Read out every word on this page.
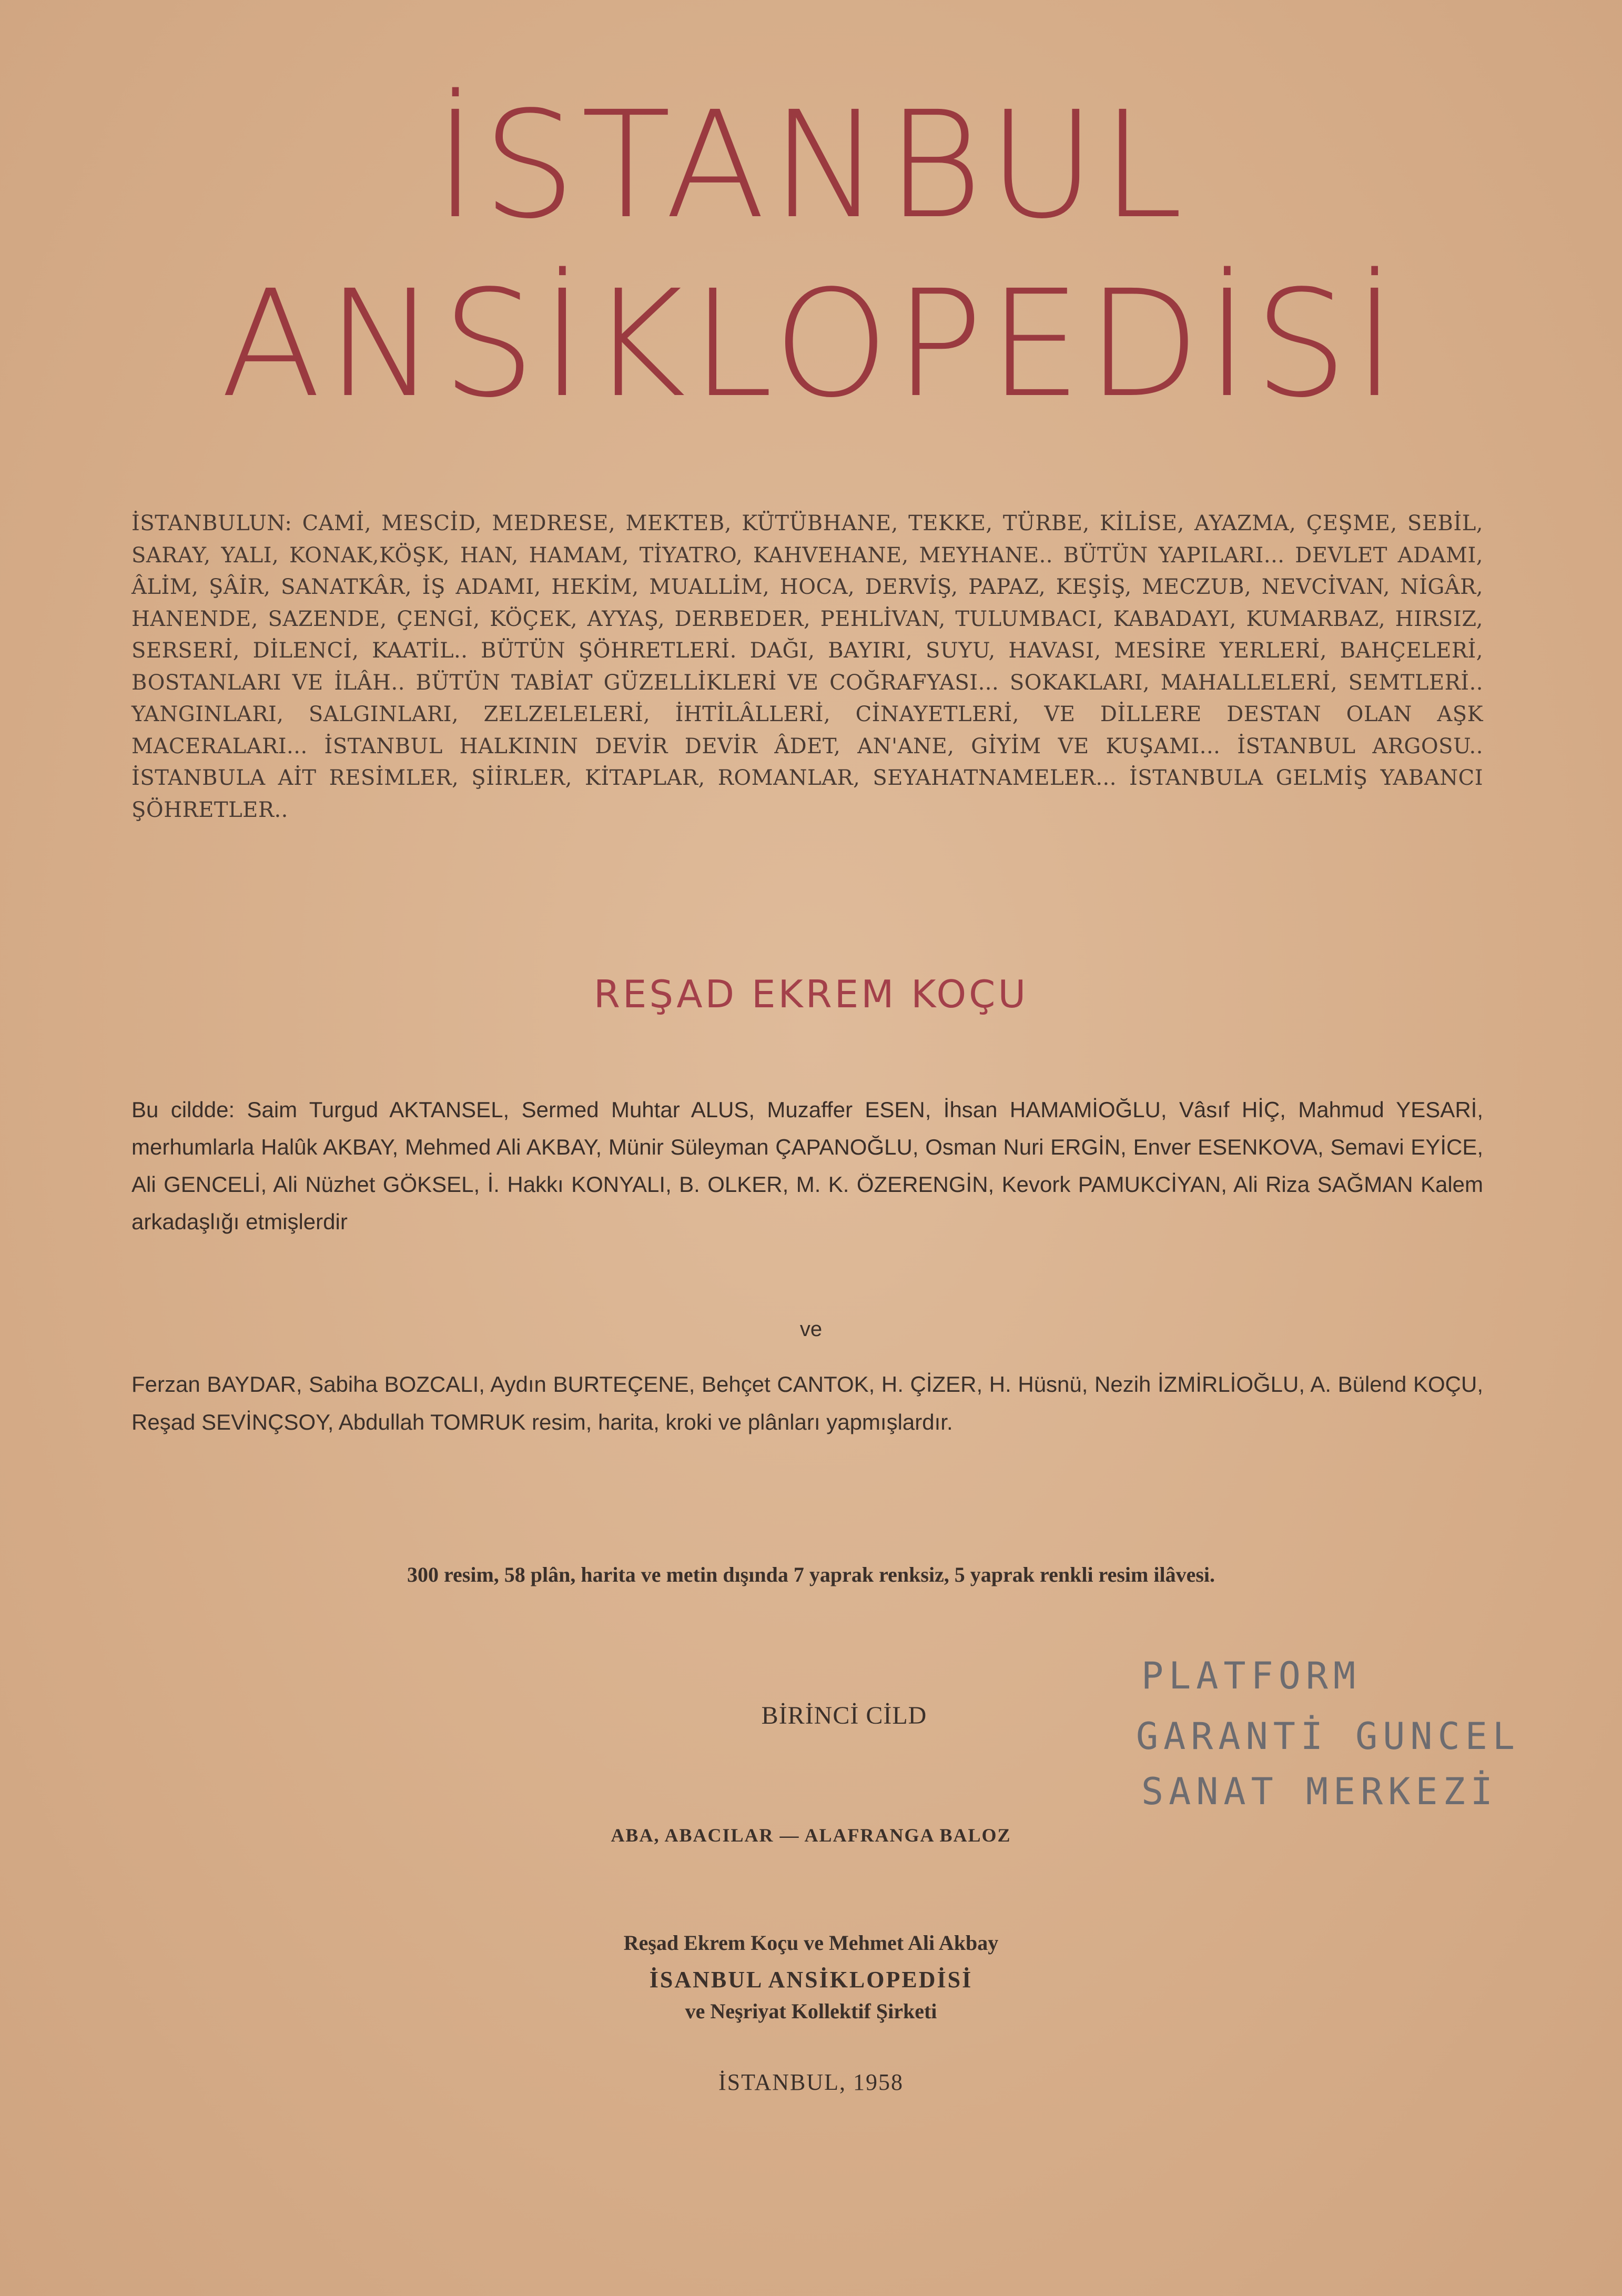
İSTANBUL
ANSİKLOPEDİSİ
İSTANBULUN: CAMİ, MESCİD, MEDRESE, MEKTEB, KÜTÜBHANE, TEKKE, TÜRBE, KİLİSE, AYAZMA, ÇEŞME, SEBİL, SARAY, YALI, KONAK,KÖŞK, HAN, HAMAM, TİYATRO, KAHVEHANE, MEYHANE.. BÜTÜN YAPILARI... DEVLET ADAMI, ÂLİM, ŞÂİR, SANATKÂR, İŞ ADAMI, HEKİM, MUALLİM, HOCA, DERVİŞ, PAPAZ, KEŞİŞ, MECZUB, NEVCİVAN, NİGÂR, HANENDE, SAZENDE, ÇENGİ, KÖÇEK, AYYAŞ, DERBEDER, PEHLİVAN, TULUMBACI, KABADAYI, KUMARBAZ, HIRSIZ, SERSERİ, DİLENCİ, KAATİL.. BÜTÜN ŞÖHRETLERİ. DAĞI, BAYIRI, SUYU, HAVASI, MESİRE YERLERİ, BAHÇELERİ, BOSTANLARI VE İLÂH.. BÜTÜN TABİAT GÜZELLİKLERİ VE COĞRAFYASI... SOKAKLARI, MAHALLELERİ, SEMTLERİ.. YANGINLARI, SALGINLARI, ZELZELELERİ, İHTİLÂLLERİ, CİNAYETLERİ, VE DİLLERE DESTAN OLAN AŞK MACERALARI... İSTANBUL HALKININ DEVİR DEVİR ÂDET, AN'ANE, GİYİM VE KUŞAMI... İSTANBUL ARGOSU.. İSTANBULA AİT RESİMLER, ŞİİRLER, KİTAPLAR, ROMANLAR, SEYAHATNAMELER... İSTANBULA GELMİŞ YABANCI ŞÖHRETLER..
REŞAD EKREM KOÇU
Bu cildde: Saim Turgud AKTANSEL, Sermed Muhtar ALUS, Muzaffer ESEN, İhsan HAMAMİOĞLU, Vâsıf HİÇ, Mahmud YESARİ, merhumlarla Halûk AKBAY, Mehmed Ali AKBAY, Münir Süleyman ÇAPANOĞLU, Osman Nuri ERGİN, Enver ESENKOVA, Semavi EYİCE, Ali GENCELİ, Ali Nüzhet GÖKSEL, İ. Hakkı KONYALI, B. OLKER, M. K. ÖZERENGİN, Kevork PAMUKCİYAN, Ali Riza SAĞMAN Kalem arkadaşlığı etmişlerdir
ve
Ferzan BAYDAR, Sabiha BOZCALI, Aydın BURTEÇENE, Behçet CANTOK, H. ÇİZER, H. Hüsnü, Nezih İZMİRLİOĞLU, A. Bülend KOÇU, Reşad SEVİNÇSOY, Abdullah TOMRUK resim, harita, kroki ve plânları yapmışlardır.
300 resim, 58 plân, harita ve metin dışında 7 yaprak renksiz, 5 yaprak renkli resim ilâvesi.
BİRİNCİ CİLD
ABA, ABACILAR — ALAFRANGA BALOZ
Reşad Ekrem Koçu ve Mehmet Ali Akbay
İSANBUL ANSİKLOPEDİSİ
ve Neşriyat Kollektif Şirketi
İSTANBUL, 1958
PLATFORM
GARANTİ GUNCEL
SANAT MERKEZİ
